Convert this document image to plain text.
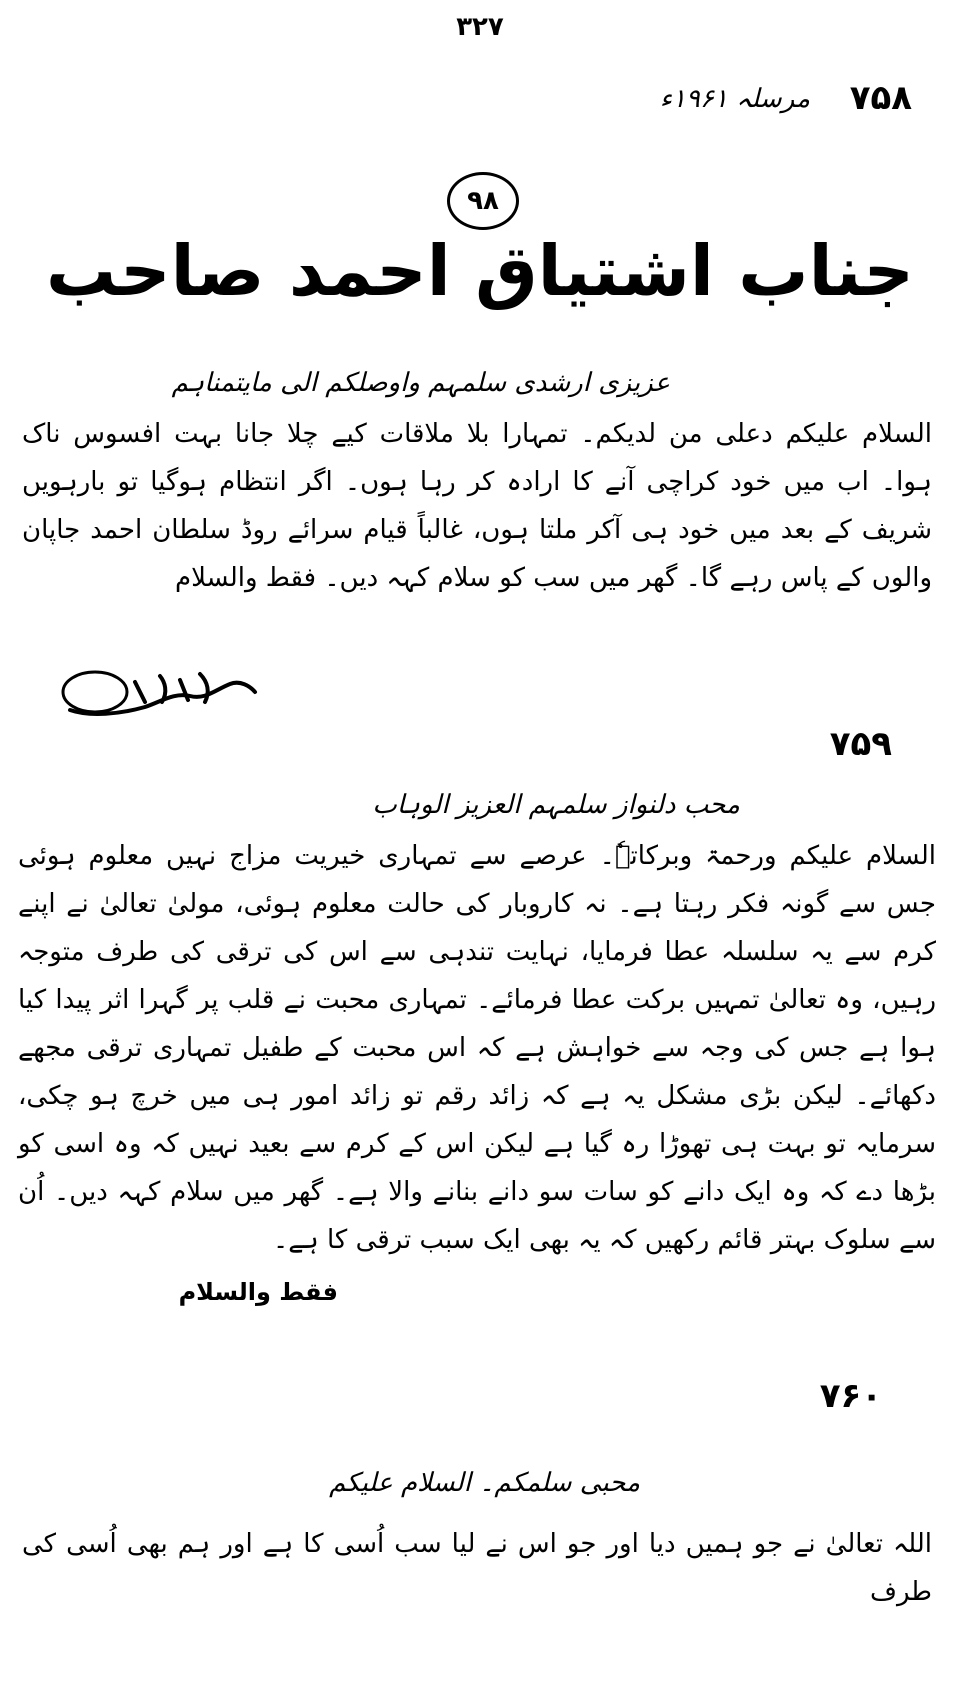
۳۲۷
۷۵۸
مرسلہ ۱۹۶۱ء
۹۸
جناب اشتیاق احمد صاحب
عزیزی ارشدی سلمہم واوصلکم الی مایتمناہم
السلام علیکم دعلی من لدیکم۔ تمہارا بلا ملاقات کیے چلا جانا بہت افسوس ناک ہوا۔ اب میں خود کراچی آنے کا ارادہ کر رہا ہوں۔ اگر انتظام ہوگیا تو بارہویں شریف کے بعد میں خود ہی آکر ملتا ہوں، غالباً قیام سرائے روڈ سلطان احمد جاپان والوں کے پاس رہے گا۔ گھر میں سب کو سلام کہہ دیں۔ فقط والسلام
۷۵۹
محب دلنواز سلمہم العزیز الوہاب
السلام علیکم ورحمۃ وبرکاتہٗ۔ عرصے سے تمہاری خیریت مزاج نہیں معلوم ہوئی جس سے گونہ فکر رہتا ہے۔ نہ کاروبار کی حالت معلوم ہوئی، مولیٰ تعالیٰ نے اپنے کرم سے یہ سلسلہ عطا فرمایا، نہایت تندہی سے اس کی ترقی کی طرف متوجہ رہیں، وہ تعالیٰ تمہیں برکت عطا فرمائے۔ تمہاری محبت نے قلب پر گہرا اثر پیدا کیا ہوا ہے جس کی وجہ سے خواہش ہے کہ اس محبت کے طفیل تمہاری ترقی مجھے دکھائے۔ لیکن بڑی مشکل یہ ہے کہ زائد رقم تو زائد امور ہی میں خرچ ہو چکی، سرمایہ تو بہت ہی تھوڑا رہ گیا ہے لیکن اس کے کرم سے بعید نہیں کہ وہ اسی کو بڑھا دے کہ وہ ایک دانے کو سات سو دانے بنانے والا ہے۔ گھر میں سلام کہہ دیں۔ اُن سے سلوک بہتر قائم رکھیں کہ یہ بھی ایک سبب ترقی کا ہے۔
فقط والسلام
۷۶۰
محبی سلمکم۔ السلام علیکم
اللہ تعالیٰ نے جو ہمیں دیا اور جو اس نے لیا سب اُسی کا ہے اور ہم بھی اُسی کی طرف
